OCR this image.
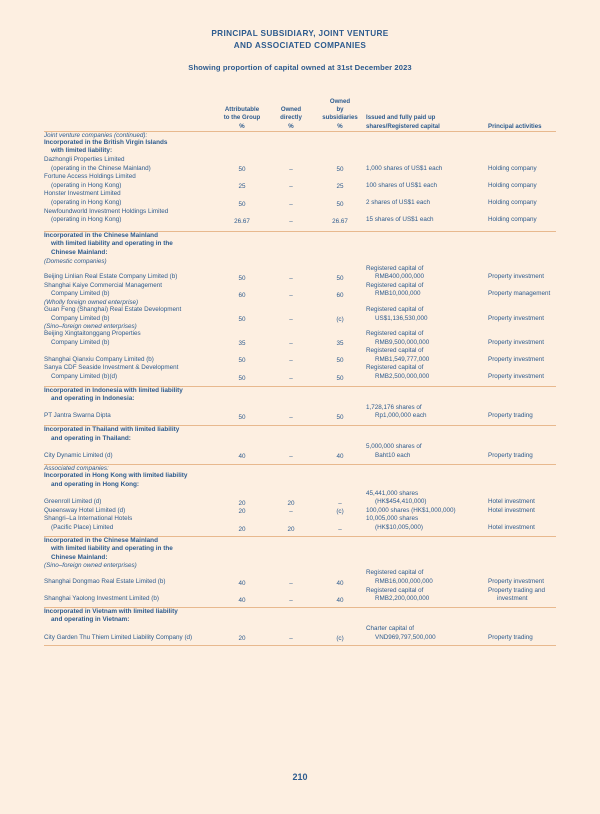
PRINCIPAL SUBSIDIARY, JOINT VENTURE
AND ASSOCIATED COMPANIES
Showing proportion of capital owned at 31st December 2023
	Attributable
to the Group
%	Owned
directly
%	Owned
by
subsidiaries
%	Issued and fully paid up
shares/Registered capital	Principal activities

Joint venture companies (continued):					
Incorporated in the British Virgin Islands
with limited liability:					

Dazhongli Properties Limited
(operating in the Chinese Mainland)	50	–	50	1,000 shares of US$1 each	Holding company
Fortune Access Holdings Limited
(operating in Hong Kong)	25	–	25	100 shares of US$1 each	Holding company
Honster Investment Limited
(operating in Hong Kong)	50	–	50	2 shares of US$1 each	Holding company
Newfoundworld Investment Holdings Limited
(operating in Hong Kong)	26.67	–	26.67	15 shares of US$1 each	Holding company

Incorporated in the Chinese Mainland
with limited liability and operating in the
Chinese Mainland:					

(Domestic companies)					
Beijing Linlian Real Estate Company Limited (b)	50	–	50	Registered capital of
RMB400,000,000	Property investment
Shanghai Kaiye Commercial Management
Company Limited (b)	60	–	60	Registered capital of
RMB10,000,000	Property management
(Wholly foreign owned enterprise)					
Guan Feng (Shanghai) Real Estate Development
Company Limited (b)	50	–	(c)	Registered capital of
US$1,136,530,000	Property investment
(Sino–foreign owned enterprises)					
Beijing Xingtaitonggang Properties
Company Limited (b)	35	–	35	Registered capital of
RMB9,500,000,000	Property investment
Shanghai Qianxiu Company Limited (b)	50	–	50	Registered capital of
RMB1,549,777,000	Property investment
Sanya CDF Seaside Investment & Development
Company Limited (b)(d)	50	–	50	Registered capital of
RMB2,500,000,000	Property investment

Incorporated in Indonesia with limited liability
and operating in Indonesia:					

PT Jantra Swarna Dipta	50	–	50	1,728,176 shares of
Rp1,000,000 each	Property trading

Incorporated in Thailand with limited liability
and operating in Thailand:					

City Dynamic Limited (d)	40	–	40	5,000,000 shares of
Baht10 each	Property trading

Associated companies:					
Incorporated in Hong Kong with limited liability
and operating in Hong Kong:					

Greenroll Limited (d)	20	20	–	45,441,000 shares
(HK$454,410,000)	Hotel investment
Queensway Hotel Limited (d)	20	–	(c)	100,000 shares (HK$1,000,000)	Hotel investment
Shangri–La International Hotels
(Pacific Place) Limited	20	20	–	10,005,000 shares
(HK$10,005,000)	Hotel investment

Incorporated in the Chinese Mainland
with limited liability and operating in the
Chinese Mainland:					

(Sino–foreign owned enterprises)					
Shanghai Dongmao Real Estate Limited (b)	40	–	40	Registered capital of
RMB16,000,000,000	Property investment
Shanghai Yaolong Investment Limited (b)	40	–	40	Registered capital of
RMB2,200,000,000	Property trading and
investment

Incorporated in Vietnam with limited liability
and operating in Vietnam:					

City Garden Thu Thiem Limited Liability Company (d)	20	–	(c)	Charter capital of
VND969,797,500,000	Property trading

210
